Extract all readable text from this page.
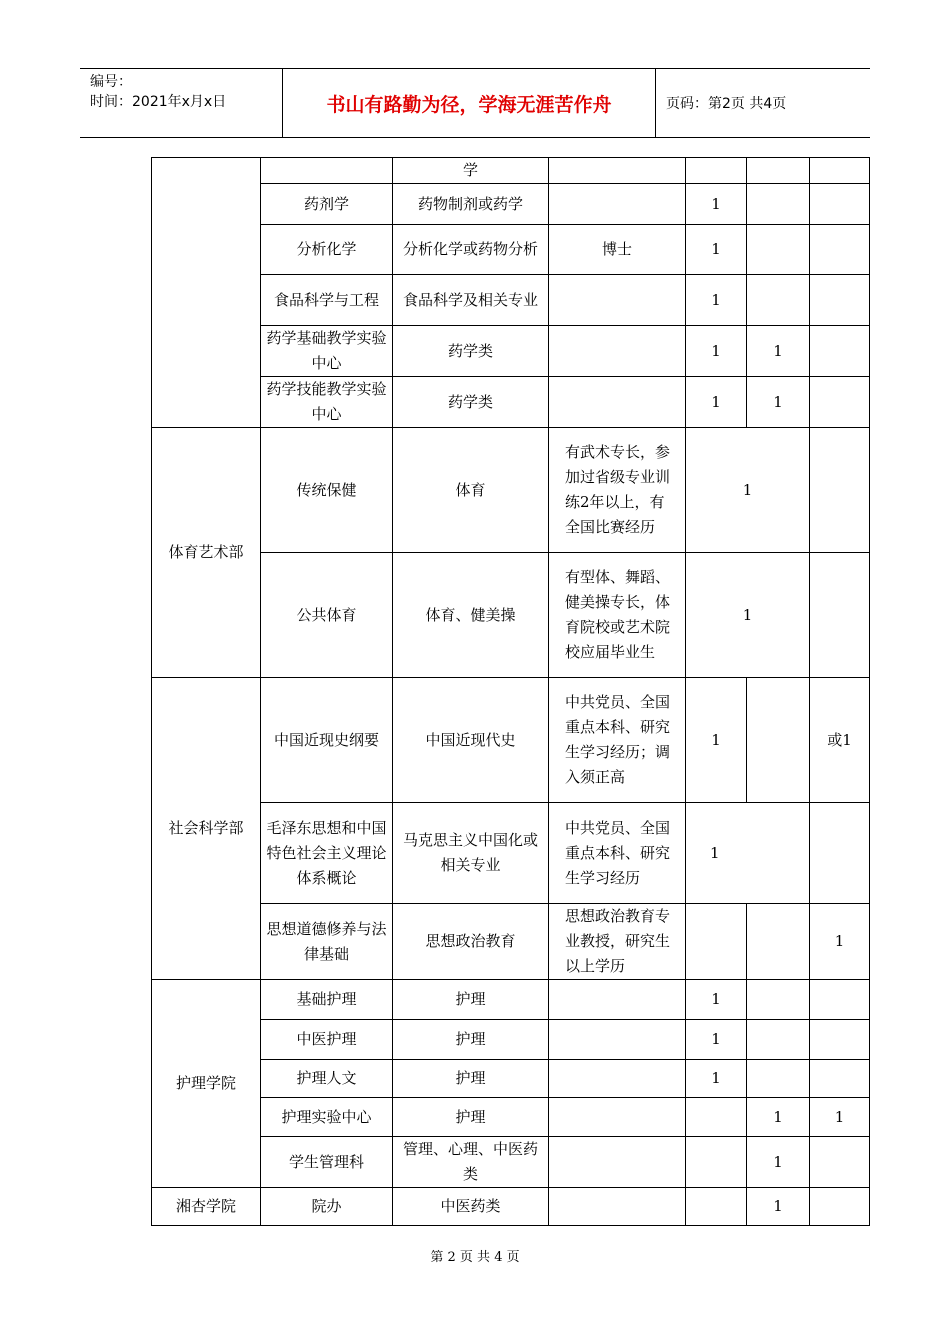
编号：
时间：2021年x月x日	书山有路勤为径，学海无涯苦作舟	页码：第2页 共4页
		学				
	药剂学	药物制剂或药学		1		
	分析化学	分析化学或药物分析	博士	1		
	食品科学与工程	食品科学及相关专业		1		
	药学基础教学实验中心	药学类		1	1	
	药学技能教学实验中心	药学类		1	1	
体育艺术部	传统保健	体育	有武术专长，参加过省级专业训练2年以上，有全国比赛经历	1		
	公共体育	体育、健美操	有型体、舞蹈、健美操专长，体育院校或艺术院校应届毕业生	1		
社会科学部	中国近现史纲要	中国近现代史	中共党员、全国重点本科、研究生学习经历；调入须正高	1		或1
	毛泽东思想和中国特色社会主义理论体系概论	马克思主义中国化或相关专业	中共党员、全国重点本科、研究生学习经历	1		
	思想道德修养与法律基础	思想政治教育	思想政治教育专业教授，研究生以上学历			1
护理学院	基础护理	护理		1		
	中医护理	护理		1		
	护理人文	护理		1		
	护理实验中心	护理			1	1
	学生管理科	管理、心理、中医药类			1	
湘杏学院	院办	中医药类			1	
第 2 页 共 4 页
